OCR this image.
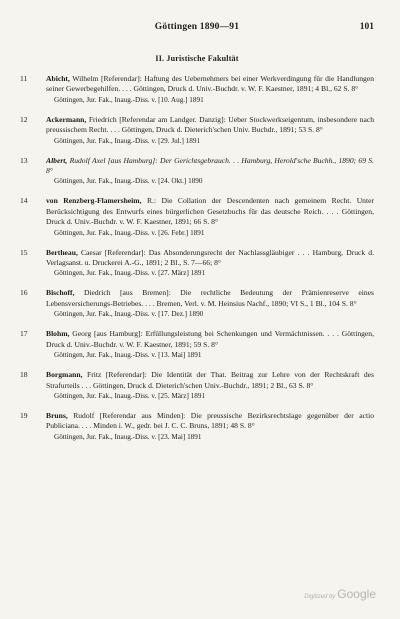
Göttingen 1890—91	101
II. Juristische Fakultät
11	Abicht, Wilhelm [Referendar]: Haftung des Uebernehmers bei einer Werkverdingung für die Handlungen seiner Gewerbegehilfen. . . . Göttingen, Druck d. Univ.-Buchdr. v. W. F. Kaestner, 1891; 4 Bl., 62 S. 8°
Göttingen, Jur. Fak., Inaug.-Diss. v. [10. Aug.] 1891
12	Ackermann, Friedrich [Referendar am Landger. Danzig]: Ueber Stockwerkseigentum, insbesondere nach preussischem Recht. . . . Göttingen, Druck d. Dieterich'schen Univ. Buchdr., 1891; 53 S. 8°
Göttingen, Jur. Fak., Inaug.-Diss. v. [29. Jul.] 1891
13	Albert, Rudolf Axel [aus Hamburg]: Der Gerichtsgebrauch. . . Hamburg, Herold'sche Buchh., 1890; 69 S. 8°
Göttingen, Jur. Fak., Inaug.-Diss. v. [24. Okt.] 1890
14	von Renzberg-Flamersheim, R.: Die Collation der Descendenten nach gemeinem Recht. Unter Berücksichtigung des Entwurfs eines bürgerlichen Gesetzbuchs für das deutsche Reich. . . . Göttingen, Druck d. Univ.-Buchdr. v. W. F. Kaestner, 1891; 66 S. 8°
Göttingen, Jur. Fak., Inaug.-Diss. v. [26. Febr.] 1891
15	Bertheau, Caesar [Referendar]: Das Absonderungsrecht der Nachlassgläubiger . . . Hamburg, Druck d. Verlagsanst. u. Druckerei A.-G., 1891; 2 Bl., S. 7—66; 8°
Göttingen, Jur. Fak., Inaug.-Diss. v. [27. März] 1891
16	Bischoff, Diedrich [aus Bremen]: Die rechtliche Bedeutung der Prämienreserve eines Lebensversicherungs-Betriebes. . . . Bremen, Verl. v. M. Heinsius Nachf., 1890; VI S., 1 Bl., 104 S. 8°
Göttingen, Jur. Fak., Inaug.-Diss. v. [17. Dez.] 1890
17	Blohm, Georg [aus Hamburg]: Erfüllungsleistung bei Schenkungen und Vermächtnissen. . . . Göttingen, Druck d. Univ.-Buchdr. v. W. F. Kaestner, 1891; 59 S. 8°
Göttingen, Jur. Fak., Inaug.-Diss. v. [13. Mai] 1891
18	Borgmann, Fritz [Referendar]: Die Identität der That. Beitrag zur Lehre von der Rechtskraft des Strafurteils . . . Göttingen, Druck d. Dieterich'schen Univ.-Buchdr., 1891; 2 Bl., 63 S. 8°
Göttingen, Jur. Fak., Inaug.-Diss. v. [25. März] 1891
19	Bruns, Rudolf [Referendar aus Minden]: Die preussische Bezirksrechtslage gegenüber der actio Publiciana. . . . Minden i. W., gedr. bei J. C. C. Bruns, 1891; 48 S. 8°
Göttingen, Jur. Fak., Inaug.-Diss. v. [23. Mai] 1891
Digitized by Google
